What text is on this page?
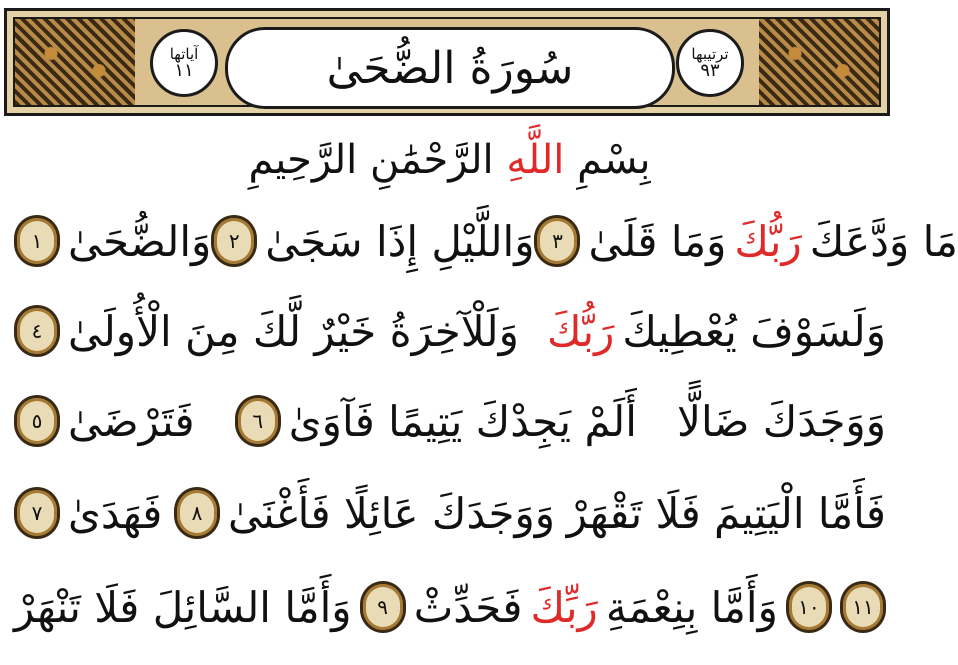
آياتها
١١	سُورَةُ الضُّحَىٰ	ترتيبها
٩٣
بِسْمِ

اللَّهِ

الرَّحْمَٰنِ الرَّحِيمِ
وَالضُّحَىٰ
١	وَاللَّيْلِ إِذَا سَجَىٰ
٢	مَا وَدَّعَكَ
رَبُّكَ
وَمَا قَلَىٰ
٣
وَلَلْآخِرَةُ خَيْرٌ لَّكَ مِنَ الْأُولَىٰ
٤	وَلَسَوْفَ يُعْطِيكَ
رَبُّكَ
فَتَرْضَىٰ
٥	أَلَمْ يَجِدْكَ يَتِيمًا فَآوَىٰ
٦	وَوَجَدَكَ ضَالًّا
فَهَدَىٰ
٧	وَوَجَدَكَ عَائِلًا فَأَغْنَىٰ
٨	فَأَمَّا الْيَتِيمَ فَلَا تَقْهَرْ
٩
وَأَمَّا السَّائِلَ فَلَا تَنْهَرْ	١٠
وَأَمَّا بِنِعْمَةِ
رَبِّكَ
فَحَدِّثْ	١١
